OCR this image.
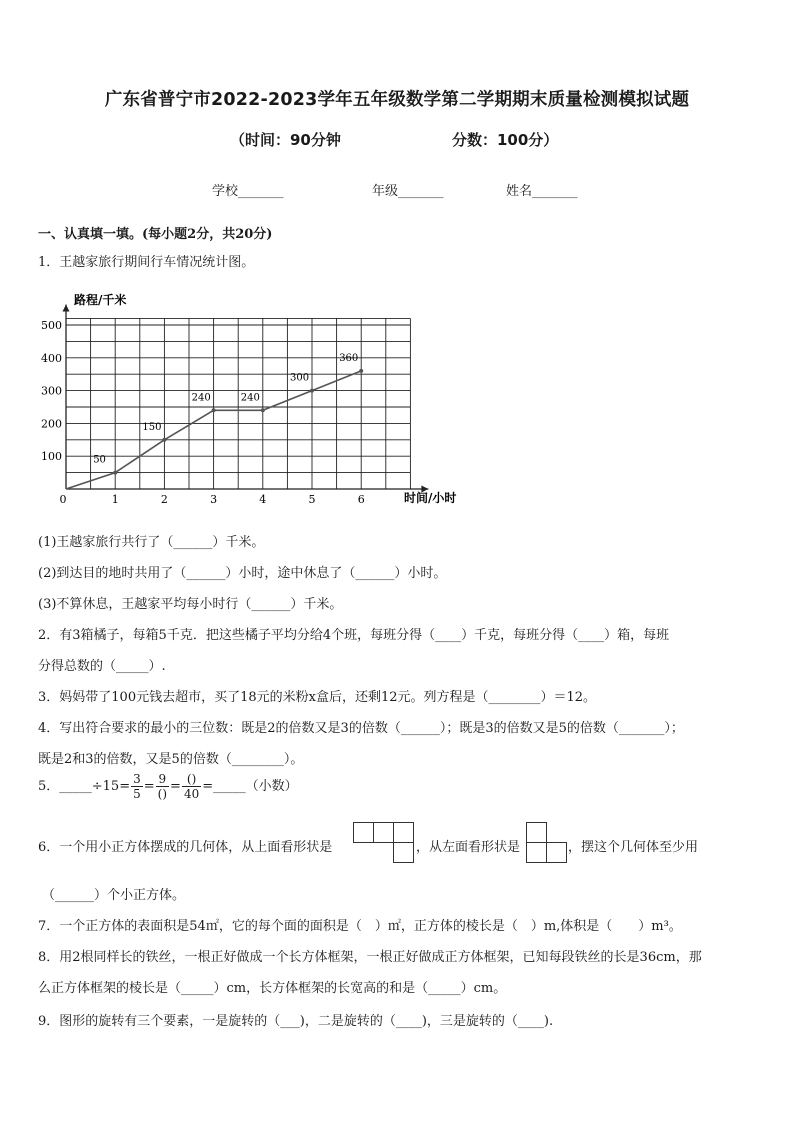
广东省普宁市2022-2023学年五年级数学第二学期期末质量检测模拟试题
（时间：90分钟	分数：100分）
学校_______	年级_______	姓名_______
一、认真填一填。(每小题2分，共20分)
1．王越家旅行期间行车情况统计图。
0	1	2	3	4	5	6
100
200
300
400
500
50
150
240	240
300
360
路程/千米
时间/小时
(1)王越家旅行共行了（______）千米。
(2)到达目的地时共用了（______）小时，途中休息了（______）小时。
(3)不算休息，王越家平均每小时行（______）千米。
2．有3箱橘子，每箱5千克．把这些橘子平均分给4个班，每班分得（____）千克，每班分得（____）箱，每班
分得总数的（_____）.
3．妈妈带了100元钱去超市，买了18元的米粉x盒后，还剩12元。列方程是（________）＝12。
4．写出符合要求的最小的三位数：既是2的倍数又是3的倍数（______）；既是3的倍数又是5的倍数（_______）；
既是2和3的倍数，又是5的倍数（________）。
5．_____÷15= $\frac{3}{5} = \frac{9}{()} = \frac{()}{40}$ =_____（小数）
6．一个用小正方体摆成的几何体，从上面看形状是	，从左面看形状是	，摆这个几何体至少用
（______）个小正方体。
7．一个正方体的表面积是54㎡，它的每个面的面积是（　）㎡，正方体的棱长是（　）m,体积是（　　）m³。
8．用2根同样长的铁丝，一根正好做成一个长方体框架，一根正好做成正方体框架，已知每段铁丝的长是36cm，那
么正方体框架的棱长是（_____）cm，长方体框架的长宽高的和是（_____）cm。
9．图形的旋转有三个要素，一是旋转的（___)，二是旋转的（____)，三是旋转的（____).
